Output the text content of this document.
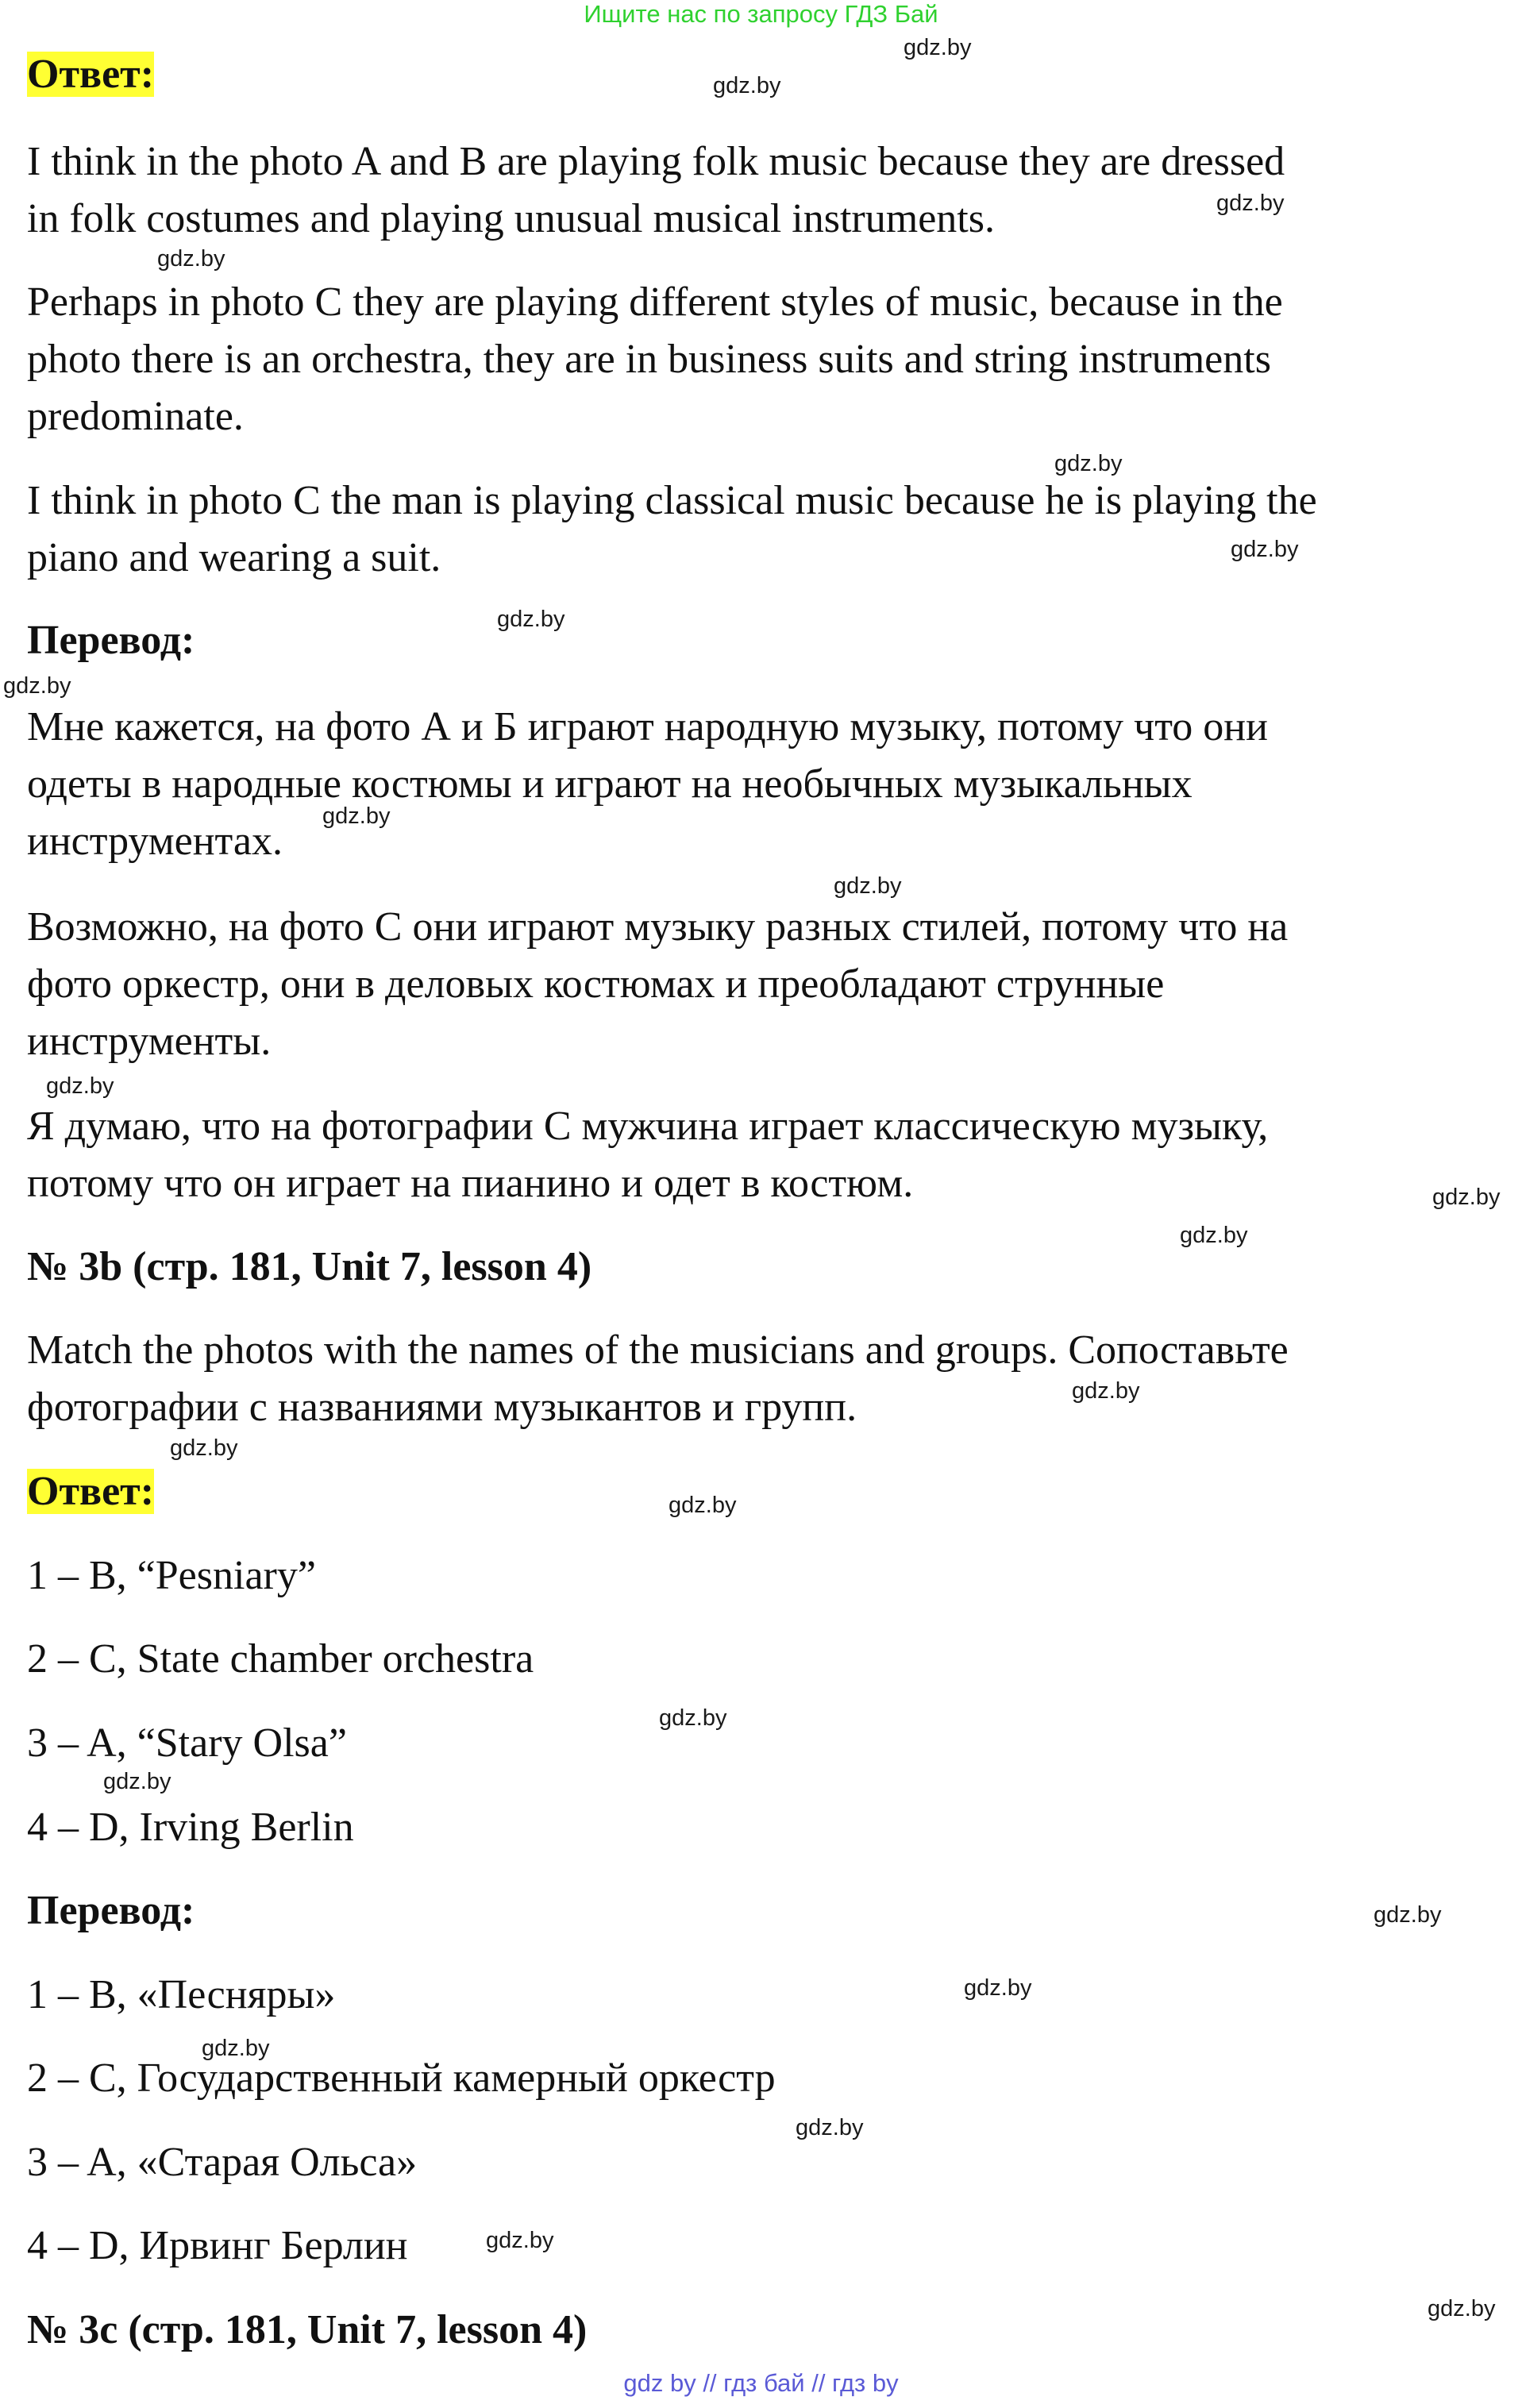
Ищите нас по запросу ГДЗ Бай
Ответ:
I think in the photo A and B are playing folk music because they are dressed
in folk costumes and playing unusual musical instruments.
Perhaps in photo C they are playing different styles of music, because in the
photo there is an orchestra, they are in business suits and string instruments
predominate.
I think in photo C the man is playing classical music because he is playing the
piano and wearing a suit.
Перевод:
Мне кажется, на фото А и Б играют народную музыку, потому что они
одеты в народные костюмы и играют на необычных музыкальных
инструментах.
Возможно, на фото С они играют музыку разных стилей, потому что на
фото оркестр, они в деловых костюмах и преобладают струнные
инструменты.
Я думаю, что на фотографии С мужчина играет классическую музыку,
потому что он играет на пианино и одет в костюм.
№ 3b (стр. 181, Unit 7, lesson 4)
Match the photos with the names of the musicians and groups. Сопоставьте
фотографии с названиями музыкантов и групп.
Ответ:
1 – B, “Pesniary”
2 – C, State chamber orchestra
3 – A, “Stary Olsa”
4 – D, Irving Berlin
Перевод:
1 – B, «Песняры»
2 – C, Государственный камерный оркестр
3 – A, «Старая Ольса»
4 – D, Ирвинг Берлин
№ 3c (стр. 181, Unit 7, lesson 4)
gdz.by
gdz.by
gdz.by
gdz.by
gdz.by
gdz.by
gdz.by
gdz.by
gdz.by
gdz.by
gdz.by
gdz.by
gdz.by
gdz.by
gdz.by
gdz.by
gdz.by
gdz.by
gdz.by
gdz.by
gdz.by
gdz.by
gdz.by
gdz.by
gdz by // гдз бай // гдз by
